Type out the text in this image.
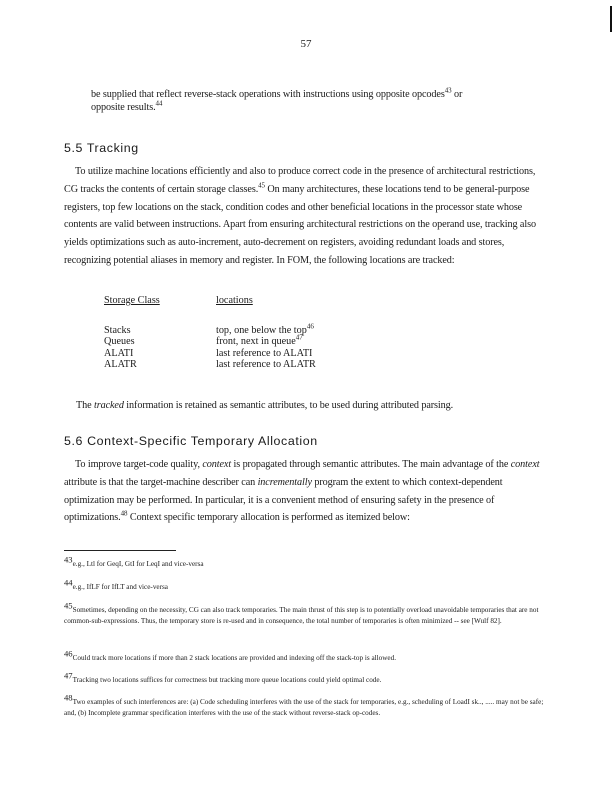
57
be supplied that reflect reverse-stack operations with instructions using opposite opcodes$^{43}$ or
opposite results.$^{44}$
5.5 Tracking
To utilize machine locations efficiently and also to produce correct code in the presence of architectural restrictions, CG tracks the contents of certain storage classes.$^{45}$ On many architectures, these locations tend to be general-purpose registers, top few locations on the stack, condition codes and other beneficial locations in the processor state whose contents are valid between instructions. Apart from ensuring architectural restrictions on the operand use, tracking also yields optimizations such as auto-increment, auto-decrement on registers, avoiding redundant loads and stores, recognizing potential aliases in memory and register. In FOM, the following locations are tracked:
Storage Class	locations
Stacks	top, one below the top$^{46}$
Queues	front, next in queue$^{47}$
ALATI	last reference to ALATI
ALATR	last reference to ALATR
The tracked information is retained as semantic attributes, to be used during attributed parsing.
5.6 Context-Specific Temporary Allocation
To improve target-code quality, context is propagated through semantic attributes. The main advantage of the context attribute is that the target-machine describer can incrementally program the extent to which context-dependent optimization may be performed. In particular, it is a convenient method of ensuring safety in the presence of optimizations.$^{48}$ Context specific temporary allocation is performed as itemized below:
$^{43}$e.g., Ltl for GeqI, GtI for LeqI and vice-versa
$^{44}$e.g., IfLF for IfLT and vice-versa
$^{45}$Sometimes, depending on the necessity, CG can also track temporaries. The main thrust of this step is to potentially overload unavoidable temporaries that are not common-sub-expressions. Thus, the temporary store is re-used and in consequence, the total number of temporaries is often minimized -- see [Wulf 82].
$^{46}$Could track more locations if more than 2 stack locations are provided and indexing off the stack-top is allowed.
$^{47}$Tracking two locations suffices for correctness but tracking more queue locations could yield optimal code.
$^{48}$Two examples of such interferences are: (a) Code scheduling interferes with the use of the stack for temporaries, e.g., scheduling of LoadI sk.., ..... may not be safe; and, (b) Incomplete grammar specification interferes with the use of the stack without reverse-stack op-codes.
